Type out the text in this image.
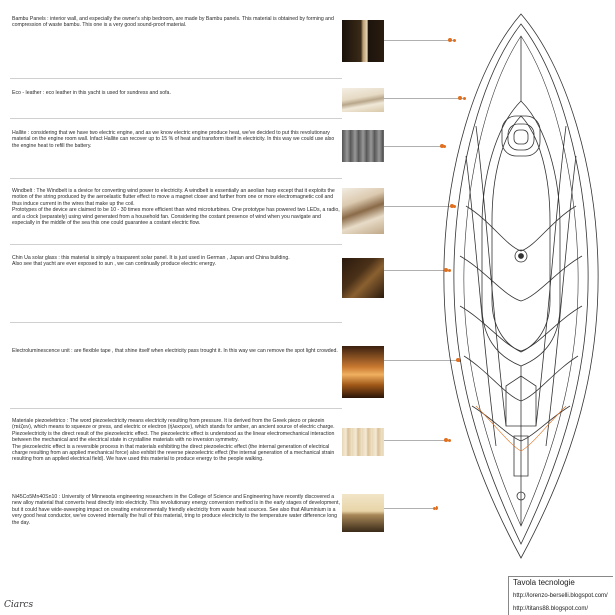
Bambu Panels : interior wall, and especially the owner's ship bedroom, are made by Bambu panels. This material is obtained by forming and compression of waste bambu. This one is a very good sound-proof material.

Eco - leather : eco leather in this yacht is used for sundress and sofa.

Hallite : considering that we have two electric engine, and as we know electric engine produce heat, we've decided to put this revolutionary material on the engine room wall. Infact Hallite can recover up to 15 % of heat and transform itself in electricity. In this way we could use also the engine heat to refill the battery.

Windbelt : The Windbelt is a device for converting wind power to electricity. A windbelt is essentially an aeolian harp except that it exploits the motion of the string produced by the aeroelastic flutter effect to move a magnet closer and farther from one or more electromagnetic coil and thus induce current in the wires that make up the coil.
Prototypes of the device are claimed to be 10 - 30 times more efficient than wind microturbines. One prototype has powered two LEDs, a radio, and a clock (separately) using wind generated from a household fan. Considering the costant presence of wind when you navigate and especially in the middle of the sea this one could guarantee a costant electric flow.

Chin Ua solar glass : this material is simply a trasparent solar panel. It is just used in German , Japan and China building.
Also see that yacht are ever exposed to sun , we can continually produce electric energy.

Electroluminescence unit : are flexible tape , that shine itself when electricity pass trought it. In this way we can remove the spot light crowded.

Materiale piezoelettrico : The word piezoelectricity means electricity resulting from pressure. It is derived from the Greek piezo or piezein (πιέζειν), which means to squeeze or press, and electric or electron (ήλεκτρον), which stands for amber, an ancient source of electric charge. Piezoelectricity is the direct result of the piezoelectric effect. The piezoelectric effect is understood as the linear electromechanical interaction between the mechanical and the electrical state in crystalline materials with no inversion symmetry.
The piezoelectric effect is a reversible process in that materials exhibiting the direct piezoelectric effect (the internal generation of electrical charge resulting from an applied mechanical force) also exhibit the reverse piezoelectric effect (the internal generation of a mechanical strain resulting from an applied electrical field). We have used this material to produce energy to the people walking.

Ni45Co5Mn40Sn10 : University of Minnesota engineering researchers in the College of Science and Engineering have recently discovered a new alloy material that converts heat directly into electricity. This revolutionary energy conversion method is in the early stages of development, but it could have wide-sweeping impact on creating environmentally friendly electricity from waste heat sources. See also that Alluminium is a very good heat conductor, we've covered internally the hull of this material, tring to produce electricity to the temperature water difference long the day.

Tavola tecnologie
http://lorenzo-berselli.blogspot.com/
http://titans88.blogspot.com/
Ciarcs
